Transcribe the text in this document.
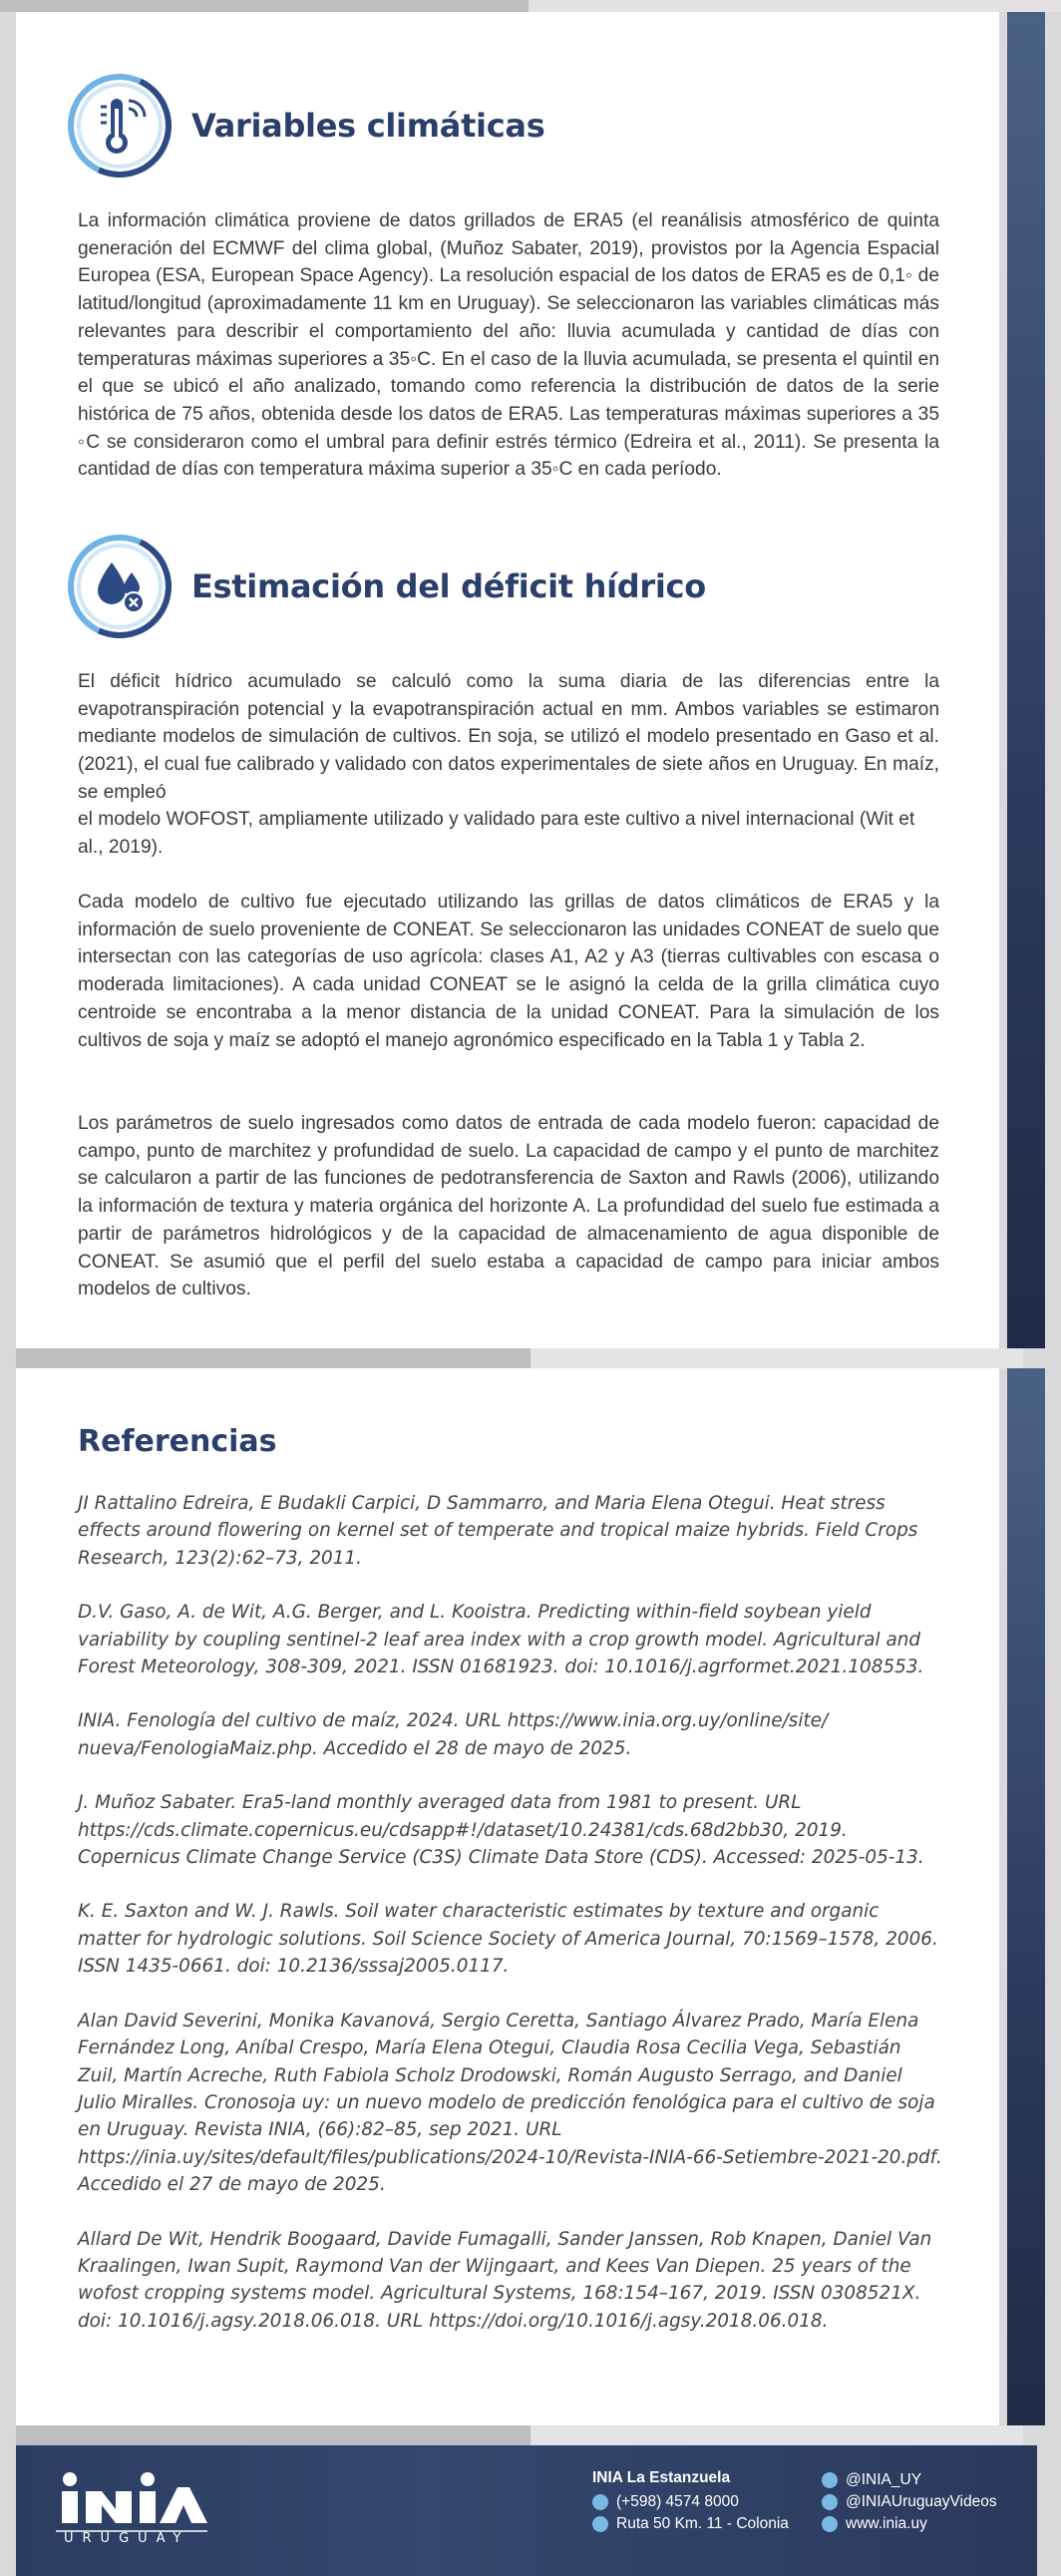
Variables climáticas

La información climática proviene de datos grillados de ERA5 (el reanálisis atmosférico de quinta generación del ECMWF del clima global, (Muñoz Sabater, 2019), provistos por la Agencia Espacial Europea (ESA, European Space Agency). La resolución espacial de los datos de ERA5 es de 0,1◦ de latitud/longitud (aproximadamente 11 km en Uruguay). Se seleccionaron las variables climáticas más relevantes para describir el comportamiento del año: lluvia acumulada y cantidad de días con temperaturas máximas superiores a 35◦C. En el caso de la lluvia acumulada, se presenta el quintil en el que se ubicó el año analizado, tomando como referencia la distribución de datos de la serie histórica de 75 años, obtenida desde los datos de ERA5. Las temperaturas máximas superiores a 35 ◦C se consideraron como el umbral para definir estrés térmico (Edreira et al., 2011). Se presenta la cantidad de días con temperatura máxima superior a 35◦C en cada período.

Estimación del déficit hídrico

El déficit hídrico acumulado se calculó como la suma diaria de las diferencias entre la evapotranspiración potencial y la evapotranspiración actual en mm. Ambos variables se estimaron mediante modelos de simulación de cultivos. En soja, se utilizó el modelo presentado en Gaso et al. (2021), el cual fue calibrado y validado con datos experimentales de siete años en Uruguay. En maíz, se empleó

el modelo WOFOST, ampliamente utilizado y validado para este cultivo a nivel internacional (Wit et al., 2019).

Cada modelo de cultivo fue ejecutado utilizando las grillas de datos climáticos de ERA5 y la información de suelo proveniente de CONEAT. Se seleccionaron las unidades CONEAT de suelo que intersectan con las categorías de uso agrícola: clases A1, A2 y A3 (tierras cultivables con escasa o moderada limitaciones). A cada unidad CONEAT se le asignó la celda de la grilla climática cuyo centroide se encontraba a la menor distancia de la unidad CONEAT. Para la simulación de los cultivos de soja y maíz se adoptó el manejo agronómico especificado en la Tabla 1 y Tabla 2.

Los parámetros de suelo ingresados como datos de entrada de cada modelo fueron: capacidad de campo, punto de marchitez y profundidad de suelo. La capacidad de campo y el punto de marchitez se calcularon a partir de las funciones de pedotransferencia de Saxton and Rawls (2006), utilizando la información de textura y materia orgánica del horizonte A. La profundidad del suelo fue estimada a partir de parámetros hidrológicos y de la capacidad de almacenamiento de agua disponible de CONEAT. Se asumió que el perfil del suelo estaba a capacidad de campo para iniciar ambos modelos de cultivos.

Referencias

JI Rattalino Edreira, E Budakli Carpici, D Sammarro, and Maria Elena Otegui. Heat stress effects around flowering on kernel set of temperate and tropical maize hybrids. Field Crops Research, 123(2):62–73, 2011.

D.V. Gaso, A. de Wit, A.G. Berger, and L. Kooistra. Predicting within-field soybean yield variability by coupling sentinel-2 leaf area index with a crop growth model. Agricultural and Forest Meteorology, 308-309, 2021. ISSN 01681923. doi: 10.1016/j.agrformet.2021.108553.

INIA. Fenología del cultivo de maíz, 2024. URL https://www.inia.org.uy/online/site/ nueva/FenologiaMaiz.php. Accedido el 28 de mayo de 2025.

J. Muñoz Sabater. Era5-land monthly averaged data from 1981 to present. URL https://cds.climate.copernicus.eu/cdsapp#!/dataset/10.24381/cds.68d2bb30, 2019. Copernicus Climate Change Service (C3S) Climate Data Store (CDS). Accessed: 2025-05-13.

K. E. Saxton and W. J. Rawls. Soil water characteristic estimates by texture and organic matter for hydrologic solutions. Soil Science Society of America Journal, 70:1569–1578, 2006. ISSN 1435-0661. doi: 10.2136/sssaj2005.0117.

Alan David Severini, Monika Kavanová, Sergio Ceretta, Santiago Álvarez Prado, María Elena Fernández Long, Aníbal Crespo, María Elena Otegui, Claudia Rosa Cecilia Vega, Sebastián Zuil, Martín Acreche, Ruth Fabiola Scholz Drodowski, Román Augusto Serrago, and Daniel Julio Miralles. Cronosoja uy: un nuevo modelo de predicción fenológica para el cultivo de soja en Uruguay. Revista INIA, (66):82–85, sep 2021. URL https://inia.uy/sites/default/files/publications/2024-10/Revista-INIA-66-Setiembre-2021-20.pdf. Accedido el 27 de mayo de 2025.

Allard De Wit, Hendrik Boogaard, Davide Fumagalli, Sander Janssen, Rob Knapen, Daniel Van Kraalingen, Iwan Supit, Raymond Van der Wijngaart, and Kees Van Diepen. 25 years of the wofost cropping systems model. Agricultural Systems, 168:154–167, 2019. ISSN 0308521X. doi: 10.1016/j.agsy.2018.06.018. URL https://doi.org/10.1016/j.agsy.2018.06.018.

URUGUAY
INIA La Estanzuela
(+598) 4574 8000
Ruta 50 Km. 11 - Colonia
@INIA_UY
@INIAUruguayVideos
www.inia.uy
